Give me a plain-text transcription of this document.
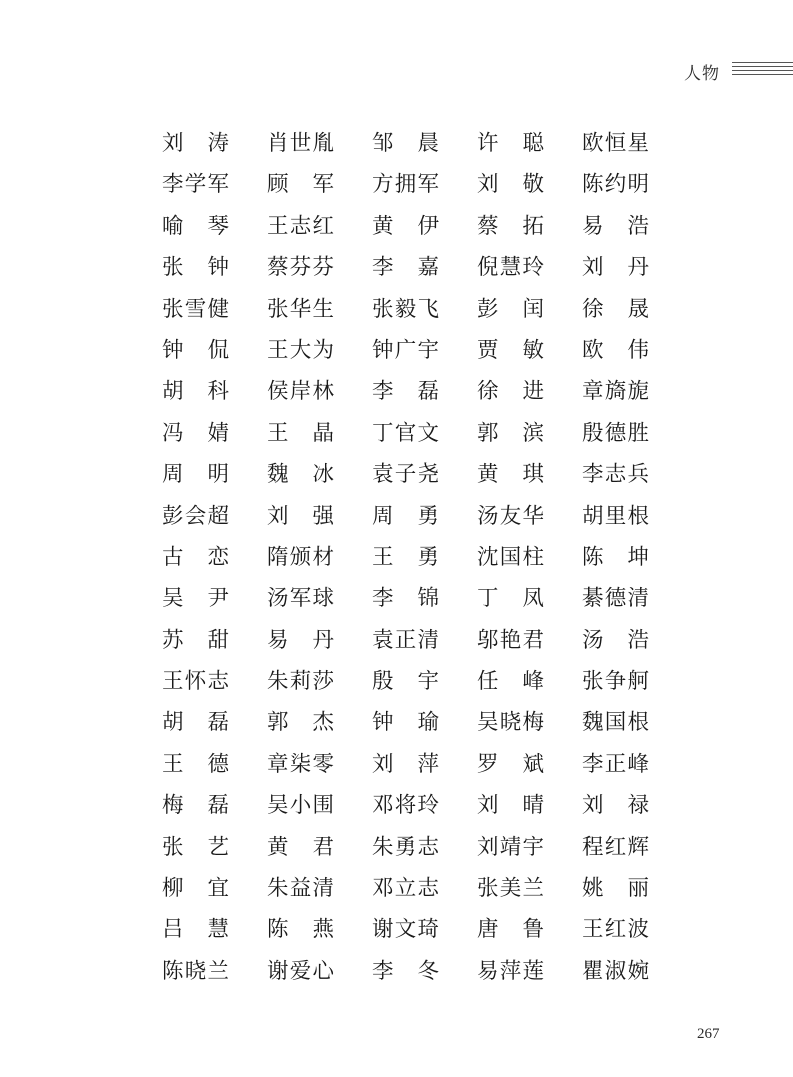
人物
刘 涛 肖 世 胤 邹 晨 许 聪 欧 恒 星
李 学 军 顾 军 方 拥 军 刘 敬 陈 约 明
喻 琴 王 志 红 黄 伊 蔡 拓 易 浩
张 钟 蔡 芬 芬 李 嘉 倪 慧 玲 刘 丹
张 雪 健 张 华 生 张 毅 飞 彭 闰 徐 晟
钟 侃 王 大 为 钟 广 宇 贾 敏 欧 伟
胡 科 侯 岸 林 李 磊 徐 进 章 旖 旎
冯 婧 王 晶 丁 官 文 郭 滨 殷 德 胜
周 明 魏 冰 袁 子 尧 黄 琪 李 志 兵
彭 会 超 刘 强 周 勇 汤 友 华 胡 里 根
古 恋 隋 颁 材 王 勇 沈 国 柱 陈 坤
吴 尹 汤 军 球 李 锦 丁 凤 綦 德 清
苏 甜 易 丹 袁 正 清 邬 艳 君 汤 浩
王 怀 志 朱 莉 莎 殷 宇 任 峰 张 争 舸
胡 磊 郭 杰 钟 瑜 吴 晓 梅 魏 国 根
王 德 章 柒 零 刘 萍 罗 斌 李 正 峰
梅 磊 吴 小 围 邓 将 玲 刘 晴 刘 禄
张 艺 黄 君 朱 勇 志 刘 靖 宇 程 红 辉
柳 宜 朱 益 清 邓 立 志 张 美 兰 姚 丽
吕 慧 陈 燕 谢 文 琦 唐 鲁 王 红 波
陈 晓 兰 谢 爱 心 李 冬 易 萍 莲 瞿 淑 婉
267
